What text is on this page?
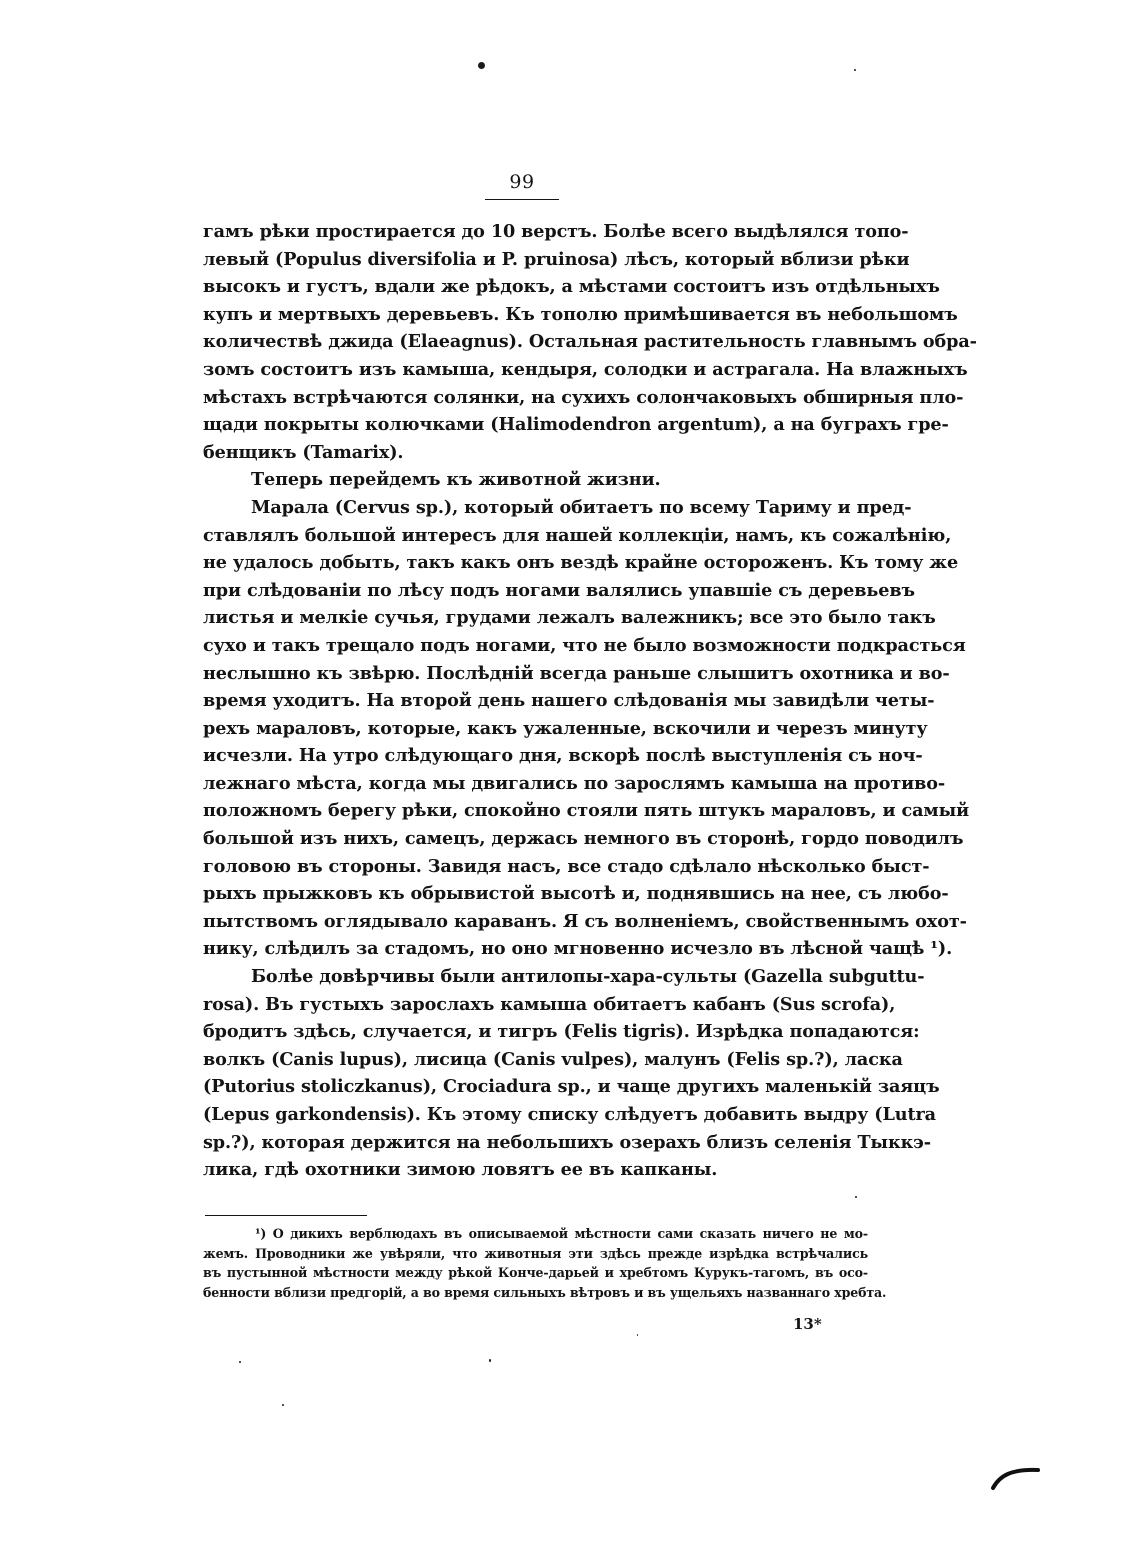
99
гамъ рѣки простирается до 10 верстъ. Болѣе всего выдѣлялся топо-
левый (Populus diversifolia и P. pruinosa) лѣсъ, который вблизи рѣки
высокъ и густъ, вдали же рѣдокъ, а мѣстами состоитъ изъ отдѣльныхъ
купъ и мертвыхъ деревьевъ. Къ тополю примѣшивается въ небольшомъ
количествѣ джида (Elaeagnus). Остальная растительность главнымъ обра-
зомъ состоитъ изъ камыша, кендыря, солодки и астрагала. На влажныхъ
мѣстахъ встрѣчаются солянки, на сухихъ солончаковыхъ обширныя пло-
щади покрыты колючками (Halimodendron argentum), а на буграхъ гре-
бенщикъ (Tamarix).
Теперь перейдемъ къ животной жизни.
Марала (Cervus sp.), который обитаетъ по всему Тариму и пред-
ставлялъ большой интересъ для нашей коллекціи, намъ, къ сожалѣнію,
не удалось добыть, такъ какъ онъ вездѣ крайне остороженъ. Къ тому же
при слѣдованіи по лѣсу подъ ногами валялись упавшіе съ деревьевъ
листья и мелкіе сучья, грудами лежалъ валежникъ; все это было такъ
сухо и такъ трещало подъ ногами, что не было возможности подкрасться
неслышно къ звѣрю. Послѣдній всегда раньше слышитъ охотника и во-
время уходитъ. На второй день нашего слѣдованія мы завидѣли четы-
рехъ мараловъ, которые, какъ ужаленные, вскочили и черезъ минуту
исчезли. На утро слѣдующаго дня, вскорѣ послѣ выступленія съ ноч-
лежнаго мѣста, когда мы двигались по зарослямъ камыша на противо-
положномъ берегу рѣки, спокойно стояли пять штукъ мараловъ, и самый
большой изъ нихъ, самецъ, держась немного въ сторонѣ, гордо поводилъ
головою въ стороны. Завидя насъ, все стадо сдѣлало нѣсколько быст-
рыхъ прыжковъ къ обрывистой высотѣ и, поднявшись на нее, съ любо-
пытствомъ оглядывало караванъ. Я съ волненіемъ, свойственнымъ охот-
нику, слѣдилъ за стадомъ, но оно мгновенно исчезло въ лѣсной чащѣ ¹).
Болѣе довѣрчивы были антилопы-хара-сульты (Gazella subguttu-
rosa). Въ густыхъ зарослахъ камыша обитаетъ кабанъ (Sus scrofa),
бродитъ здѣсь, случается, и тигръ (Felis tigris). Изрѣдка попадаются:
волкъ (Canis lupus), лисица (Canis vulpes), малунъ (Felis sp.?), ласка
(Putorius stoliczkanus), Crociadura sp., и чаще другихъ маленькій заяцъ
(Lepus garkondensis). Къ этому списку слѣдуетъ добавить выдру (Lutra
sp.?), которая держится на небольшихъ озерахъ близъ селенія Тыккэ-
лика, гдѣ охотники зимою ловятъ ее въ капканы.
¹) О дикихъ верблюдахъ въ описываемой мѣстности сами сказать ничего не мо-
жемъ. Проводники же увѣряли, что животныя эти здѣсь прежде изрѣдка встрѣчались
въ пустынной мѣстности между рѣкой Конче-дарьей и хребтомъ Курукъ-тагомъ, въ осо-
бенности вблизи предгорій, а во время сильныхъ вѣтровъ и въ ущельяхъ названнаго хребта.
13*
